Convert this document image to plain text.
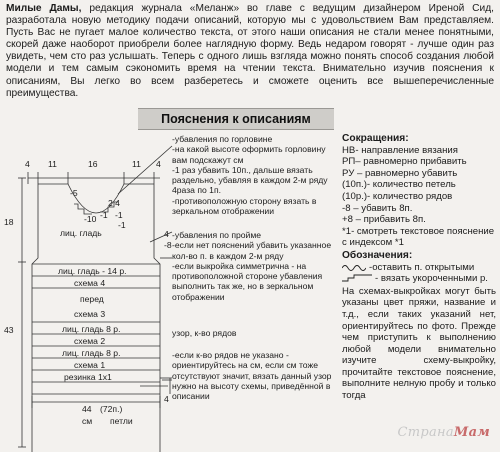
Милые Дамы, редакция журнала «Меланж» во главе с ведущим дизайнером Иреной Сид, разработала новую методику подачи описаний, которую мы с удовольствием Вам представляем. Пусть Вас не пугает малое количество текста, от этого наши описания не стали менее понятными, скорей даже наоборот приобрели более наглядную форму. Ведь недаром говорят - лучше один раз увидеть, чем сто раз услышать. Теперь с одного лишь взгляда можно понять способ создания любой модели и тем самым сэкономить время на чтении текста. Внимательно изучив пояснения к описаниям, Вы легко во всем разберетесь и сможете оценить все вышеперечисленные преимущества.
Пояснения к описаниям
4 11	16	11 4
18
43
-5
-10 -1 -1
2 4
-1
-8
4
4
лиц. гладь
лиц. гладь - 14 р.
схема 4
перед
схема 3
лиц. гладь 8 р.
схема 2
лиц. гладь 8 р.
схема 1
резинка 1х1
44 (72п.)
см петли
-убавления по горловине
-на какой высоте оформить горловину вам подскажут см
-1 раз убавить 10п., дальше вязать раздельно, убавляя в каждом 2-м ряду 4раза по 1п.
-противоположную сторону вязать в зеркальном отображении
-убавления по пройме
-если нет пояснений убавить указанное кол-во п. в каждом 2-м ряду
-если выкройка симметрична - на противоположной стороне убавления выполнить так же, но в зеркальном отображении
узор, к-во рядов
-если к-во рядов не указано - ориентируйтесь на см, если см тоже отсутствуют значит, вязать данный узор нужно на высоту схемы, приведённой в описании
Сокращения:
НВ- направление вязания
РП– равномерно прибавить
РУ – равномерно убавить
(10п.)- количество петель
(10р.)- количество рядов
-8 – убавить 8п.
+8 – прибавить 8п.
*1- смотреть текстовое пояснение с индексом *1
Обозначения:
-оставить п. открытыми
- вязать укороченными р.
На схемах-выкройках могут быть указаны цвет пряжи, название и т.д., если таких указаний нет, ориентируйтесь по фото. Прежде чем приступить к выполнению любой модели внимательно изучите схему-выкройку, прочитайте текстовое пояснение, выполните нелную пробу и только тогда
СтранаМам
